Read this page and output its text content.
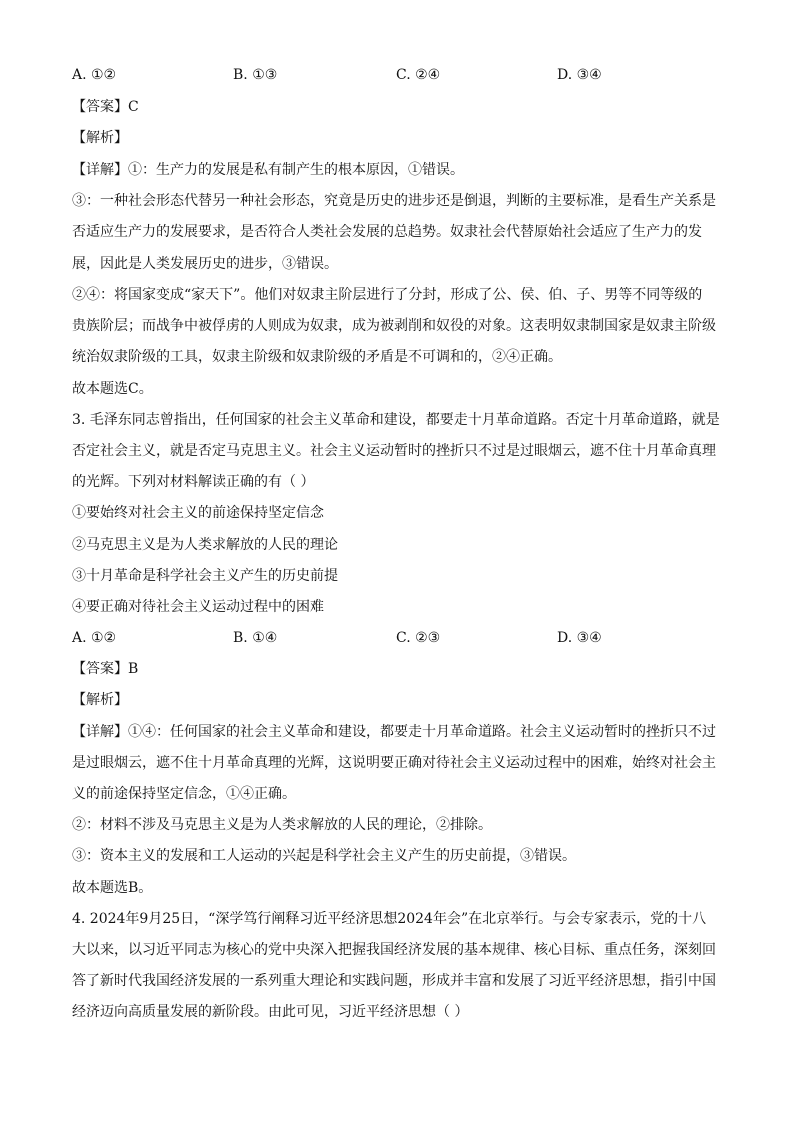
A. ①②	B. ①③	C. ②④	D. ③④
【答案】C
【解析】
【详解】①：生产力的发展是私有制产生的根本原因，①错误。
③：一种社会形态代替另一种社会形态，究竟是历史的进步还是倒退，判断的主要标准，是看生产关系是
否适应生产力的发展要求，是否符合人类社会发展的总趋势。奴隶社会代替原始社会适应了生产力的发
展，因此是人类发展历史的进步，③错误。
②④：将国家变成“家天下”。他们对奴隶主阶层进行了分封，形成了公、侯、伯、子、男等不同等级的
贵族阶层；而战争中被俘虏的人则成为奴隶，成为被剥削和奴役的对象。这表明奴隶制国家是奴隶主阶级
统治奴隶阶级的工具，奴隶主阶级和奴隶阶级的矛盾是不可调和的，②④正确。
故本题选C。
3. 毛泽东同志曾指出，任何国家的社会主义革命和建设，都要走十月革命道路。否定十月革命道路，就是
否定社会主义，就是否定马克思主义。社会主义运动暂时的挫折只不过是过眼烟云，遮不住十月革命真理
的光辉。下列对材料解读正确的有（ ）
①要始终对社会主义的前途保持坚定信念
②马克思主义是为人类求解放的人民的理论
③十月革命是科学社会主义产生的历史前提
④要正确对待社会主义运动过程中的困难
A. ①②	B. ①④	C. ②③	D. ③④
【答案】B
【解析】
【详解】①④：任何国家的社会主义革命和建设，都要走十月革命道路。社会主义运动暂时的挫折只不过
是过眼烟云，遮不住十月革命真理的光辉，这说明要正确对待社会主义运动过程中的困难，始终对社会主
义的前途保持坚定信念，①④正确。
②：材料不涉及马克思主义是为人类求解放的人民的理论，②排除。
③：资本主义的发展和工人运动的兴起是科学社会主义产生的历史前提，③错误。
故本题选B。
4. 2024年9月25日，“深学笃行阐释习近平经济思想2024年会”在北京举行。与会专家表示，党的十八
大以来，以习近平同志为核心的党中央深入把握我国经济发展的基本规律、核心目标、重点任务，深刻回
答了新时代我国经济发展的一系列重大理论和实践问题，形成并丰富和发展了习近平经济思想，指引中国
经济迈向高质量发展的新阶段。由此可见，习近平经济思想（ ）
